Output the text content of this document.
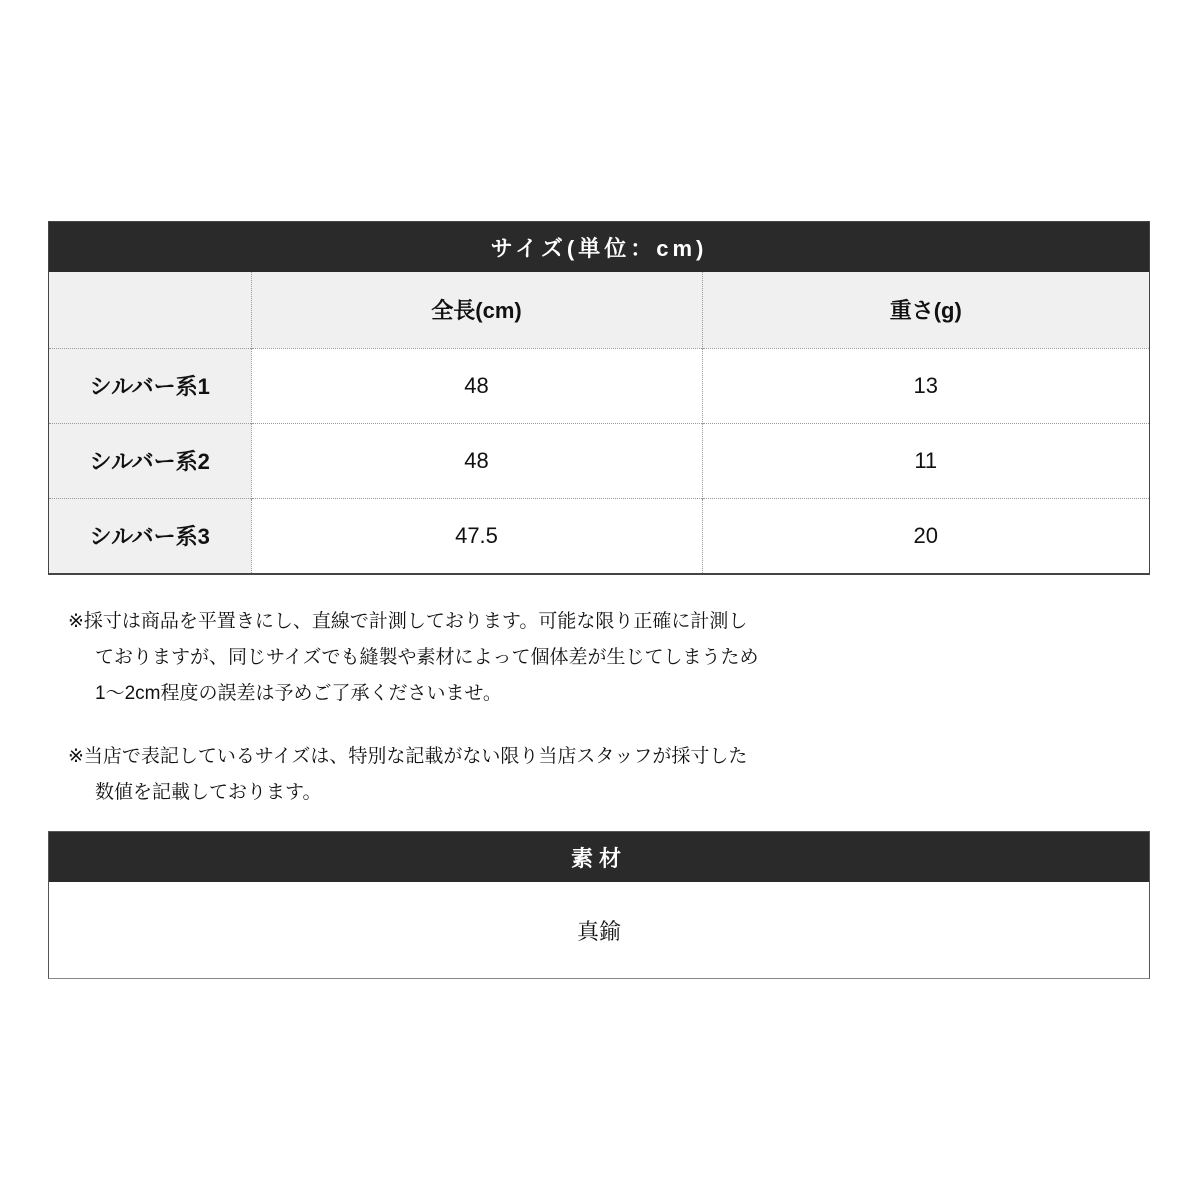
サイズ(単位：cm)
	全長(cm)	重さ(g)
シルバー系1	48	13
シルバー系2	48	11
シルバー系3	47.5	20
※採寸は商品を平置きにし、直線で計測しております。可能な限り正確に計測し
ておりますが、同じサイズでも縫製や素材によって個体差が生じてしまうため
1〜2cm程度の誤差は予めご了承くださいませ。
※当店で表記しているサイズは、特別な記載がない限り当店スタッフが採寸した
数値を記載しております。
素材
真鍮
